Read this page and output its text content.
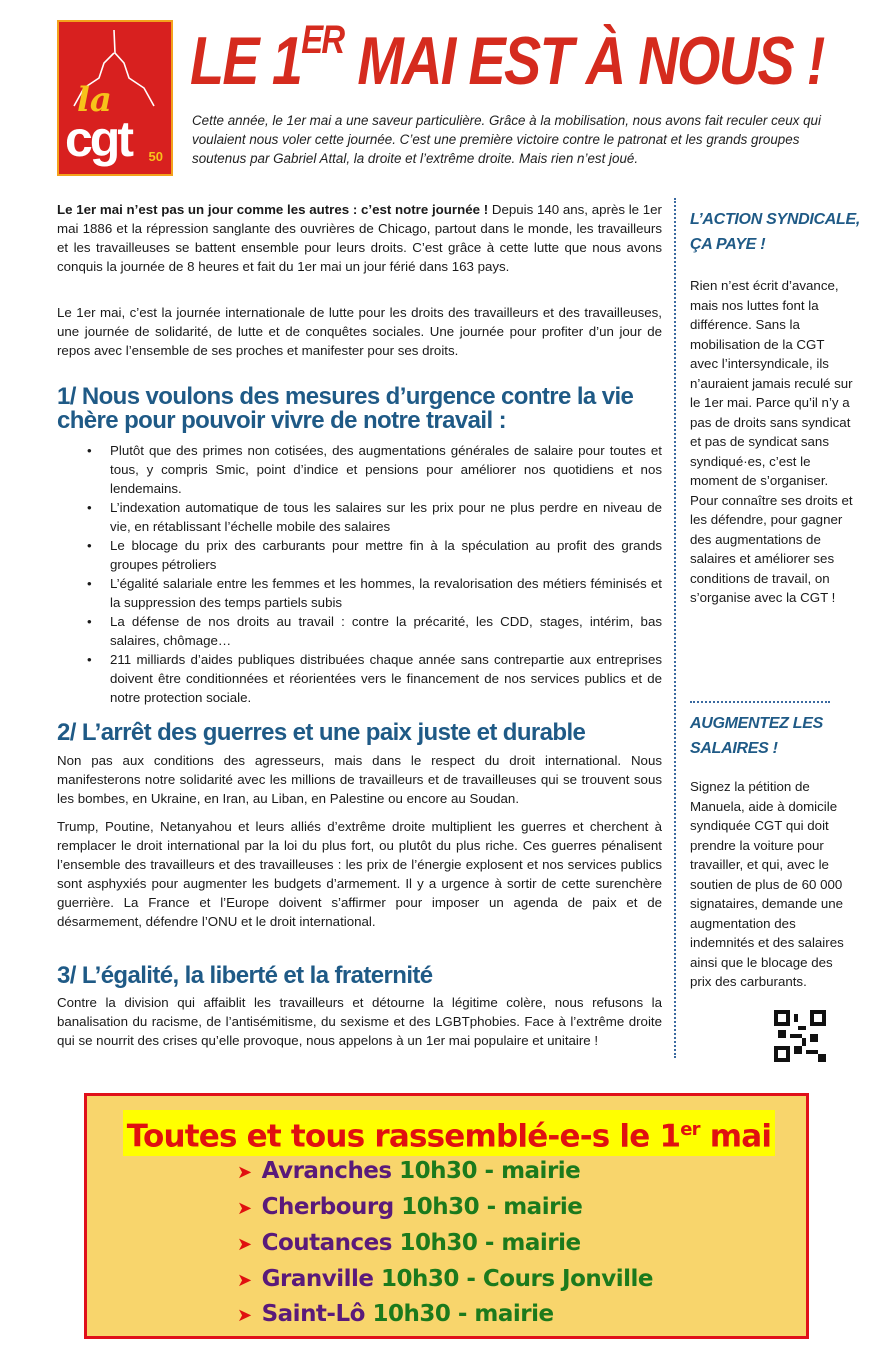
la
cgt 50
LE 1ER MAI EST À NOUS !

Cette année, le 1er mai a une saveur particulière. Grâce à la mobilisation, nous avons fait reculer ceux qui voulaient nous voler cette journée. C’est une première victoire contre le patronat et les grands groupes soutenus par Gabriel Attal, la droite et l’extrême droite. Mais rien n’est joué.

Le 1er mai n’est pas un jour comme les autres : c’est notre journée ! Depuis 140 ans, après le 1er mai 1886 et la répression sanglante des ouvrières de Chicago, partout dans le monde, les travailleurs et les travailleuses se battent ensemble pour leurs droits. C’est grâce à cette lutte que nous avons conquis la journée de 8 heures et fait du 1er mai un jour férié dans 163 pays.

Le 1er mai, c’est la journée internationale de lutte pour les droits des travailleurs et des travailleuses, une journée de solidarité, de lutte et de conquêtes sociales. Une journée pour profiter d’un jour de repos avec l’ensemble de ses proches et manifester pour ses droits.

1/ Nous voulons des mesures d’urgence contre la vie chère pour pouvoir vivre de notre travail :
• Plutôt que des primes non cotisées, des augmentations générales de salaire pour toutes et tous, y compris Smic, point d’indice et pensions pour améliorer nos quotidiens et nos lendemains.
• L’indexation automatique de tous les salaires sur les prix pour ne plus perdre en niveau de vie, en rétablissant l’échelle mobile des salaires
• Le blocage du prix des carburants pour mettre fin à la spéculation au profit des grands groupes pétroliers
• L’égalité salariale entre les femmes et les hommes, la revalorisation des métiers féminisés et la suppression des temps partiels subis
• La défense de nos droits au travail : contre la précarité, les CDD, stages, intérim, bas salaires, chômage…
• 211 milliards d’aides publiques distribuées chaque année sans contrepartie aux entreprises doivent être conditionnées et réorientées vers le financement de nos services publics et de notre protection sociale.
2/ L’arrêt des guerres et une paix juste et durable

Non pas aux conditions des agresseurs, mais dans le respect du droit international. Nous manifesterons notre solidarité avec les millions de travailleurs et de travailleuses qui se trouvent sous les bombes, en Ukraine, en Iran, au Liban, en Palestine ou encore au Soudan.

Trump, Poutine, Netanyahou et leurs alliés d’extrême droite multiplient les guerres et cherchent à remplacer le droit international par la loi du plus fort, ou plutôt du plus riche. Ces guerres pénalisent l’ensemble des travailleurs et des travailleuses : les prix de l’énergie explosent et nos services publics sont asphyxiés pour augmenter les budgets d’armement. Il y a urgence à sortir de cette surenchère guerrière. La France et l’Europe doivent s’affirmer pour imposer un agenda de paix et de désarmement, défendre l’ONU et le droit international.

3/ L’égalité, la liberté et la fraternité

Contre la division qui affaiblit les travailleurs et détourne la légitime colère, nous refusons la banalisation du racisme, de l’antisémitisme, du sexisme et des LGBTphobies. Face à l’extrême droite qui se nourrit des crises qu’elle provoque, nous appelons à un 1er mai populaire et unitaire !

L’ACTION SYNDICALE, ÇA PAYE !

Rien n’est écrit d’avance, mais nos luttes font la différence. Sans la mobilisation de la CGT avec l’intersyndicale, ils n’auraient jamais reculé sur le 1er mai. Parce qu’il n’y a pas de droits sans syndicat et pas de syndicat sans syndiqué·es, c’est le moment de s’organiser. Pour connaître ses droits et les défendre, pour gagner des augmentations de salaires et améliorer ses conditions de travail, on s’organise avec la CGT !

AUGMENTEZ LES SALAIRES !

Signez la pétition de Manuela, aide à domicile syndiquée CGT qui doit prendre la voiture pour travailler, et qui, avec le soutien de plus de 60 000 signataires, demande une augmentation des indemnités et des salaires ainsi que le blocage des prix des carburants.

Toutes et tous rassemblé-e-s le 1er mai
➤ Avranches 10h30 - mairie
➤ Cherbourg 10h30 - mairie
➤ Coutances 10h30 - mairie
➤ Granville 10h30 - Cours Jonville
➤ Saint-Lô 10h30 - mairie
